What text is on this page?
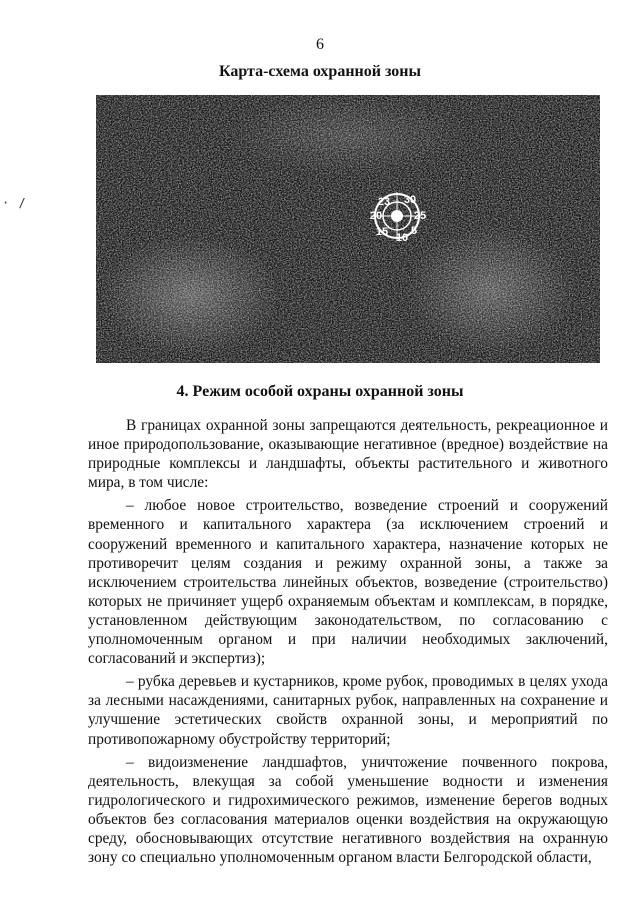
6
Карта-схема охранной зоны
· /	23 30
20	25
15 10
5
4. Режим особой охраны охранной зоны

В границах охранной зоны запрещаются деятельность, рекреационное и иное природопользование, оказывающие негативное (вредное) воздействие на природные комплексы и ландшафты, объекты растительного и животного мира, в том числе:

– любое новое строительство, возведение строений и сооружений временного и капитального характера (за исключением строений и сооружений временного и капитального характера, назначение которых не противоречит целям создания и режиму охранной зоны, а также за исключением строительства линейных объектов, возведение (строительство) которых не причиняет ущерб охраняемым объектам и комплексам, в порядке, установленном действующим законодательством, по согласованию с уполномоченным органом и при наличии необходимых заключений, согласований и экспертиз);

– рубка деревьев и кустарников, кроме рубок, проводимых в целях ухода за лесными насаждениями, санитарных рубок, направленных на сохранение и улучшение эстетических свойств охранной зоны, и мероприятий по противопожарному обустройству территорий;

– видоизменение ландшафтов, уничтожение почвенного покрова, деятельность, влекущая за собой уменьшение водности и изменения гидрологического и гидрохимического режимов, изменение берегов водных объектов без согласования материалов оценки воздействия на окружающую среду, обосновывающих отсутствие негативного воздействия на охранную зону со специально уполномоченным органом власти Белгородской области,
